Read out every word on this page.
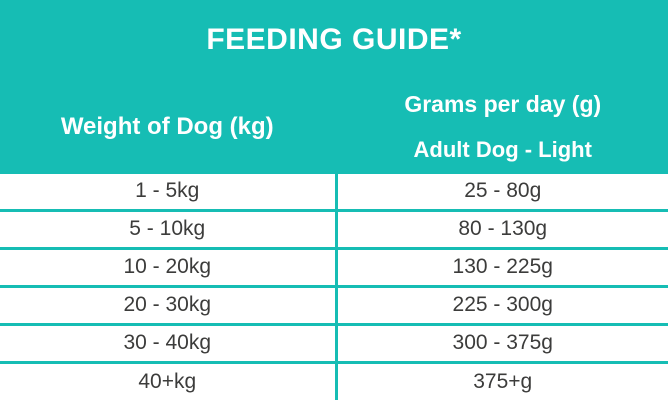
FEEDING GUIDE*
Weight of Dog (kg)	Grams per day (g)
	Adult Dog - Light
1 - 5kg	25 - 80g
5 - 10kg	80 - 130g
10 - 20kg	130 - 225g
20 - 30kg	225 - 300g
30 - 40kg	300 - 375g
40+kg	375+g
